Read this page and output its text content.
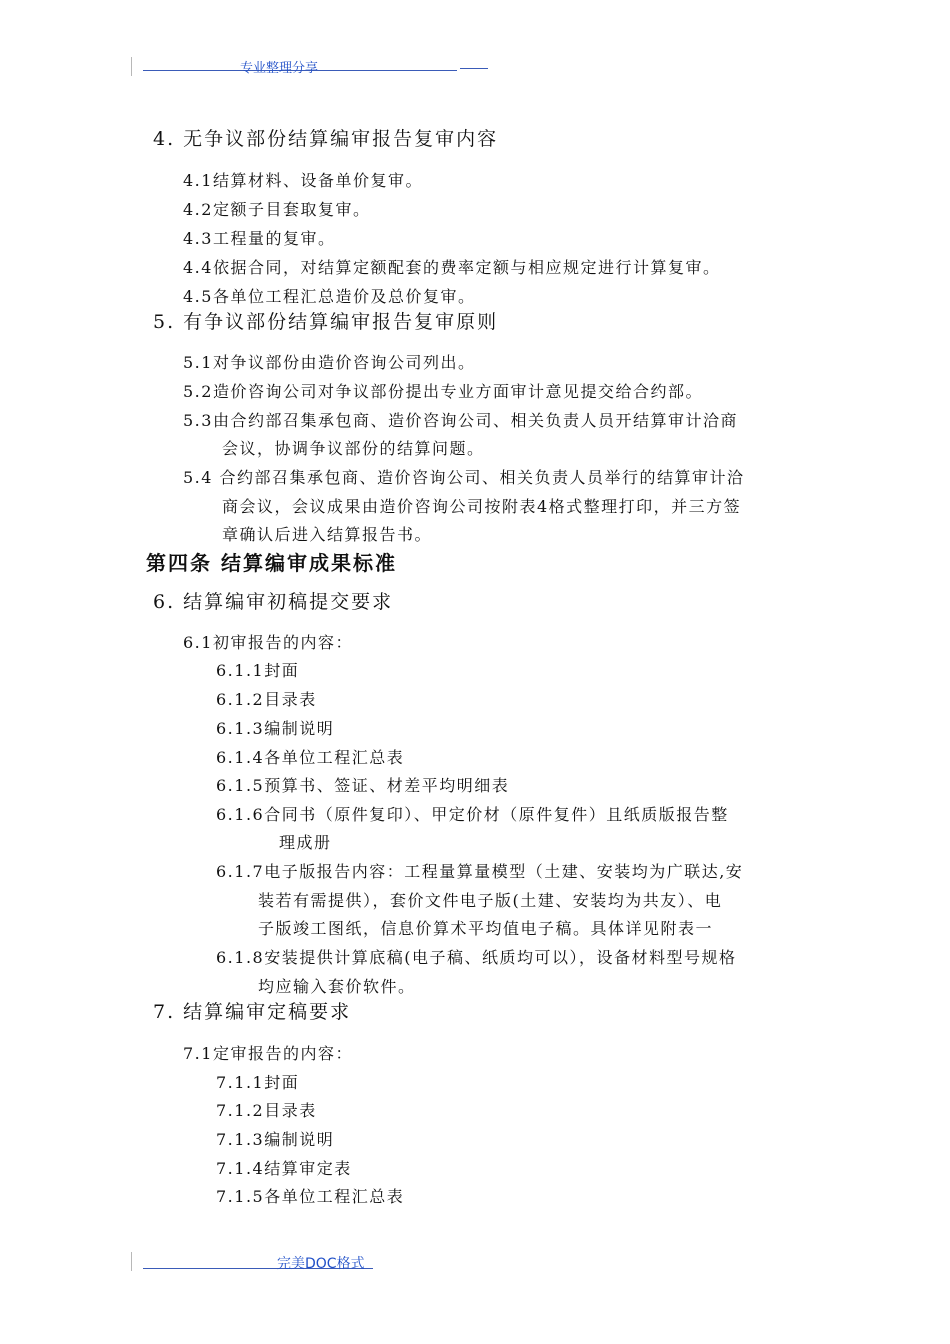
专业整理分享
4. 无争议部份结算编审报告复审内容
4.1结算材料、设备单价复审。
4.2定额子目套取复审。
4.3工程量的复审。
4.4依据合同，对结算定额配套的费率定额与相应规定进行计算复审。
4.5各单位工程汇总造价及总价复审。
5. 有争议部份结算编审报告复审原则
5.1对争议部份由造价咨询公司列出。
5.2造价咨询公司对争议部份提出专业方面审计意见提交给合约部。
5.3由合约部召集承包商、造价咨询公司、相关负责人员开结算审计洽商
会议，协调争议部份的结算问题。
5.4 合约部召集承包商、造价咨询公司、相关负责人员举行的结算审计洽
商会议，会议成果由造价咨询公司按附表4格式整理打印，并三方签
章确认后进入结算报告书。
第四条 结算编审成果标准
6. 结算编审初稿提交要求
6.1初审报告的内容：
6.1.1封面
6.1.2目录表
6.1.3编制说明
6.1.4各单位工程汇总表
6.1.5预算书、签证、材差平均明细表
6.1.6合同书（原件复印）、甲定价材（原件复件）且纸质版报告整
理成册
6.1.7电子版报告内容：工程量算量模型（土建、安装均为广联达,安
装若有需提供），套价文件电子版(土建、安装均为共友）、电
子版竣工图纸，信息价算术平均值电子稿。具体详见附表一
6.1.8安装提供计算底稿(电子稿、纸质均可以），设备材料型号规格
均应输入套价软件。
7. 结算编审定稿要求
7.1定审报告的内容：
7.1.1封面
7.1.2目录表
7.1.3编制说明
7.1.4结算审定表
7.1.5各单位工程汇总表
完美DOC格式
